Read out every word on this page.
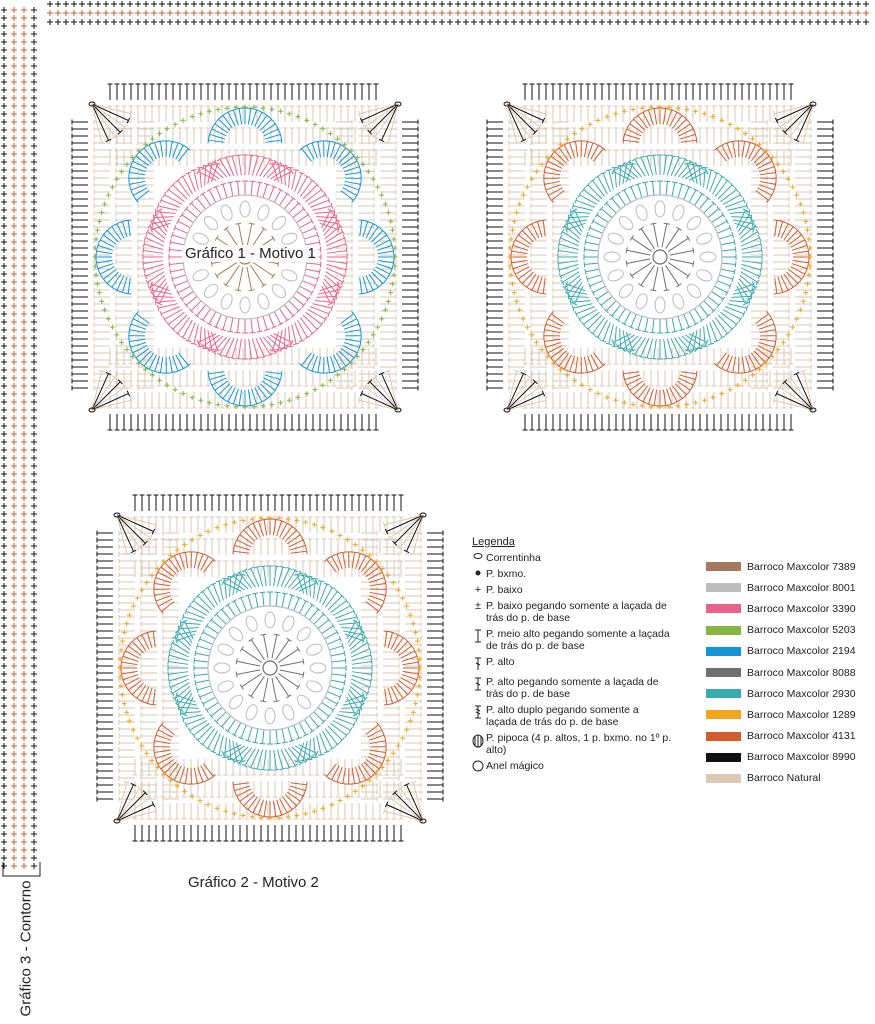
Gráfico 1 - Motivo 1
Gráfico 2 - Motivo 2
Gráfico 3 - Contorno
Legenda
Correntinha
P. bxmo.
+ P. baixo
± P. baixo pegando somente a laçada de trás do p. de base
P. meio alto pegando somente a laçada de trás do p. de base
P. alto
P. alto pegando somente a laçada de trás do p. de base
P. alto duplo pegando somente a laçada de trás do p. de base
P. pipoca (4 p. altos, 1 p. bxmo. no 1º p. alto)
Anel mágico
Barroco Maxcolor 7389
Barroco Maxcolor 8001
Barroco Maxcolor 3390
Barroco Maxcolor 5203
Barroco Maxcolor 2194
Barroco Maxcolor 8088
Barroco Maxcolor 2930
Barroco Maxcolor 1289
Barroco Maxcolor 4131
Barroco Maxcolor 8990
Barroco Natural
